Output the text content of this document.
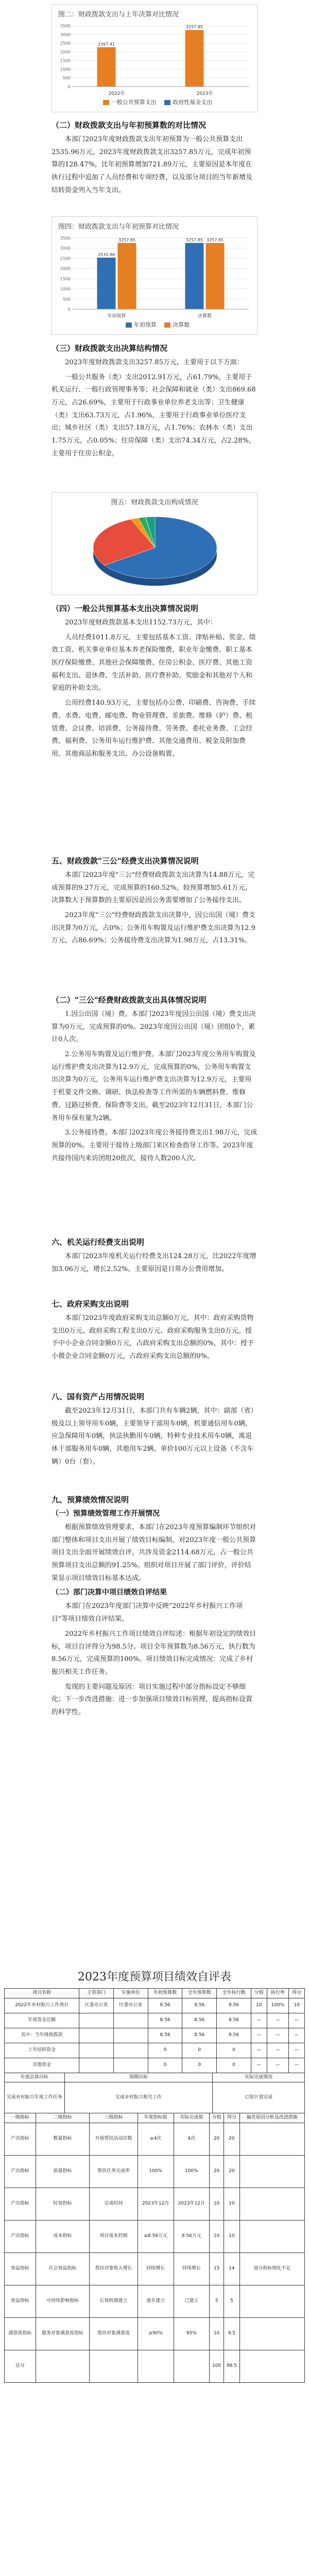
图二：财政拨款支出与上年决算对比情况
0
500
1000
1500
2000
2500
3000
3500
2267.41
2022年
3257.85
2023年
一般公共预算支出	政府性基金支出
（二）财政拨款支出与年初预算数的对比情况

本部门2023年度财政拨款支出年初预算为一般公共预算支出2535.96万元，2023年度财政拨款支出3257.85万元，完成年初预算的128.47%，比年初预算增加721.89万元，主要原因是本年度在执行过程中追加了人员经费和专项经费，以及部分项目的当年新增及结转资金列入当年支出。

图四：财政拨款支出与年初预算对比情况
0
500
1000
1500
2000
2500
3000
3500
2535.96
3257.85
年初预算
3257.85 3257.85
决算数
年初预算	决算数
（三）财政拨款支出决算结构情况

2023年度财政拨款支出3257.85万元，主要用于以下方面：

一般公共服务（类）支出2012.91万元，占61.79%，主要用于机关运行、一般行政管理事务等；社会保障和就业（类）支出869.68万元，占26.69%，主要用于行政事业单位养老支出等；卫生健康（类）支出63.73万元，占1.96%，主要用于行政事业单位医疗支出；城乡社区（类）支出57.18万元，占1.76%；农林水（类）支出1.75万元，占0.05%；住房保障（类）支出74.34万元，占2.28%，主要用于住房公积金。

图五：财政拨款支出构成情况
（四）一般公共预算基本支出决算情况说明

2023年度财政拨款基本支出1152.73万元，其中：

人员经费1011.8万元，主要包括基本工资、津贴补贴、奖金、绩效工资、机关事业单位基本养老保险缴费、职业年金缴费、职工基本医疗保险缴费、其他社会保障缴费、住房公积金、医疗费、其他工资福利支出、退休费、生活补助、医疗费补助、奖励金和其他对个人和家庭的补助支出。

公用经费140.93万元，主要包括办公费、印刷费、咨询费、手续费、水费、电费、邮电费、物业管理费、差旅费、维修（护）费、租赁费、会议费、培训费、公务接待费、劳务费、委托业务费、工会经费、福利费、公务用车运行维护费、其他交通费用、税金及附加费用、其他商品和服务支出、办公设备购置。

五、财政拨款"三公"经费支出决算情况说明

本部门2023年度"三公"经费财政拨款支出决算为14.88万元，完成预算的9.27万元，完成预算的160.52%，较预算增加5.61万元，决算数大于预算数的主要原因是因公务需要增加了公务接待支出。

2023年度"三公"经费财政拨款支出决算中，因公出国（境）费支出决算为0万元，占0%；公务用车购置及运行维护费支出决算为12.9万元，占86.69%；公务接待费支出决算为1.98万元，占13.31%。

（二）"三公"经费财政拨款支出具体情况说明

1.因公出国（境）费。本部门2023年度因公出国（境）费支出决算为0万元，完成预算的0%。2023年度因公出国（境）团组0个，累计0人次。

2.公务用车购置及运行维护费。本部门2023年度公务用车购置及运行维护费支出决算为12.9万元，完成预算的0%，公务用车购置支出决算为0万元，公务用车运行维护费支出决算为12.9万元，主要用于机要文件交换、调研、执法检查等工作所需的车辆燃料费、维修费、过路过桥费、保险费等支出。截至2023年12月31日，本部门公务用车保有量为2辆。

3.公务接待费。本部门2023年度公务接待费支出1.98万元，完成预算的0%。主要用于接待上级部门来区检查指导工作等。2023年度共接待国内来访团组20批次，接待人数200人次。

六、机关运行经费支出说明

本部门2023年度机关运行经费支出124.28万元，比2022年度增加3.06万元，增长2.52%。主要原因是日常办公费用增加。

七、政府采购支出说明

本部门2023年度政府采购支出总额0万元，其中：政府采购货物支出0万元、政府采购工程支出0万元、政府采购服务支出0万元。授予中小企业合同金额0万元，占政府采购支出总额的0%，其中：授予小微企业合同金额0万元，占政府采购支出总额的0%。

八、国有资产占用情况说明

截至2023年12月31日，本部门共有车辆2辆，其中：副部（省）级及以上领导用车0辆，主要领导干部用车0辆，机要通信用车0辆，应急保障用车0辆，执法执勤用车0辆，特种专业技术用车0辆，离退休干部服务用车0辆，其他用车2辆。单价100万元以上设备（不含车辆）0台（套）。

九、预算绩效情况说明
（一）预算绩效管理工作开展情况

根据预算绩效管理要求，本部门在2023年度预算编制环节组织对部门整体和项目支出开展了绩效目标编制，对2023年度一般公共预算项目支出全面开展绩效自评，共涉及资金2114.68万元，占一般公共预算项目支出总额的91.25%。组织对项目开展了部门评价，评价结果显示项目绩效目标基本达成。

（二）部门决算中项目绩效自评结果

本部门在2023年度部门决算中反映"2022年乡村振兴工作项目"等项目绩效自评结果。

2022年乡村振兴工作项目绩效自评综述：根据年初设定的绩效目标，项目自评得分为98.5分。项目全年预算数为8.56万元，执行数为8.56万元，完成预算的100%。项目绩效目标完成情况：完成了乡村振兴相关工作任务。

发现的主要问题及原因：项目实施过程中部分指标设定不够细化；下一步改进措施：进一步加强项目绩效目标管理，提高指标设置的科学性。

2023年度预算项目绩效自评表
项目名称	主管部门	实施单位	年初预算数	全年预算数	全年执行数	分值	执行率	得分
2022年乡村振兴工作项目	区委办公室	区委办公室	8.56	8.56	8.56	10	100%	10
年度资金总额			8.56	8.56	8.56	—	—	—
其中：当年财政拨款			8.56	8.56	8.56	—	—	—
上年结转资金			0	0	0	—	—	—
其他资金			0	0	0	—	—	—
年度总体目标	预期目标	实际完成情况
完成乡村振兴年度工作任务	完成乡村振兴相关工作	已按计划完成
一级指标	二级指标	三级指标	年度指标值	实际完成值	分值	得分	偏差原因分析及改进措施
产出指标	数量指标	开展帮扶活动次数	≥4次	4次	20	20	
产出指标	质量指标	帮扶任务完成率	100%	100%	20	20	
产出指标	时效指标	完成时间	2023年12月	2023年12月	10	10	
产出指标	成本指标	项目成本控制	≤8.56万元	8.56万元	10	10	
效益指标	社会效益指标	帮扶对象收入增长	持续增长	持续增长	15	14	部分指标细化不足
效益指标	可持续影响指标	长效机制建立	逐步建立	已建立	5	5	
满意度指标	服务对象满意度指标	帮扶对象满意度	≥90%	95%	10	9.5	
总分					100	98.5	
